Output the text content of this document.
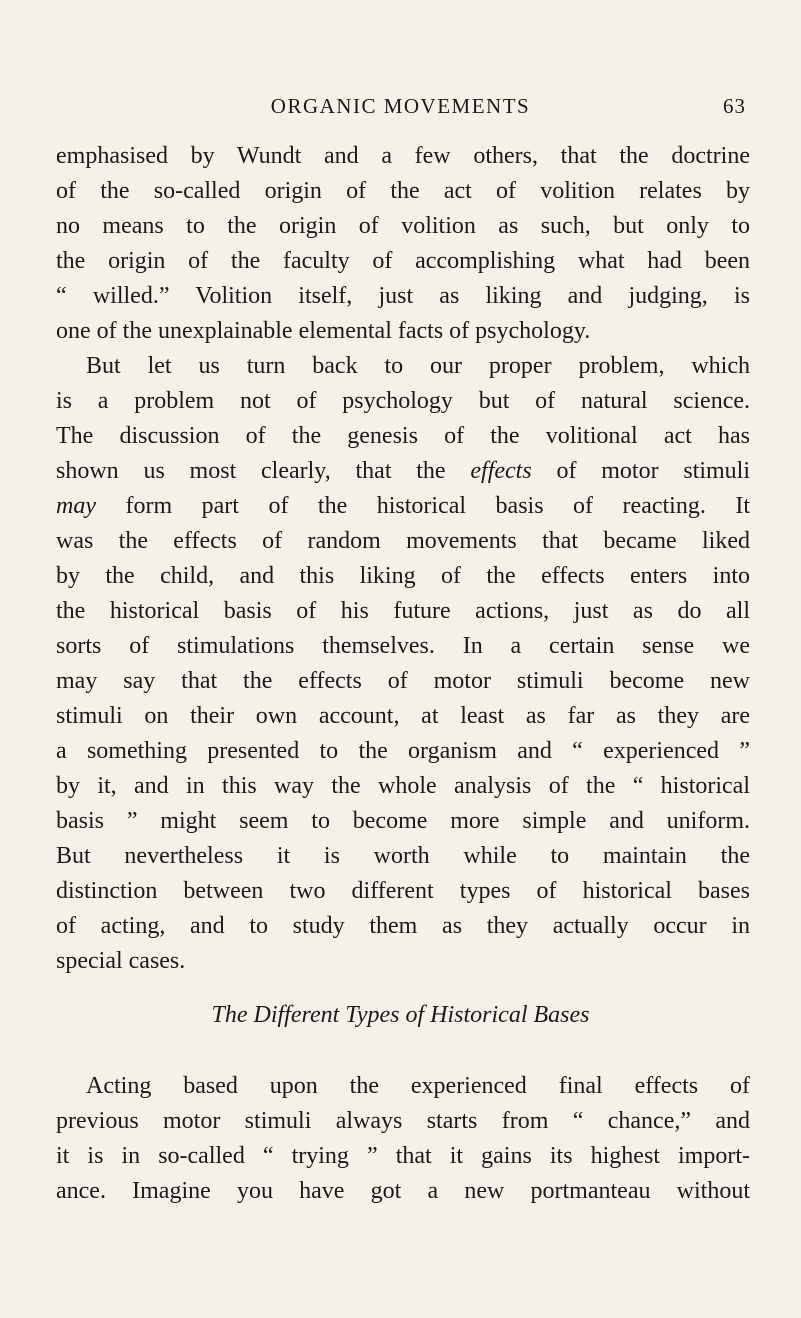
ORGANIC MOVEMENTS	63
emphasised by Wundt and a few others, that the doctrine
of the so-called origin of the act of volition relates by
no means to the origin of volition as such, but only to
the origin of the faculty of accomplishing what had been
“ willed.” Volition itself, just as liking and judging, is
one of the unexplainable elemental facts of psychology.
But let us turn back to our proper problem, which
is a problem not of psychology but of natural science.
The discussion of the genesis of the volitional act has
shown us most clearly, that the effects of motor stimuli
may form part of the historical basis of reacting. It
was the effects of random movements that became liked
by the child, and this liking of the effects enters into
the historical basis of his future actions, just as do all
sorts of stimulations themselves. In a certain sense we
may say that the effects of motor stimuli become new
stimuli on their own account, at least as far as they are
a something presented to the organism and “ experienced ”
by it, and in this way the whole analysis of the “ historical
basis ” might seem to become more simple and uniform.
But nevertheless it is worth while to maintain the
distinction between two different types of historical bases
of acting, and to study them as they actually occur in
special cases.
The Different Types of Historical Bases
Acting based upon the experienced final effects of
previous motor stimuli always starts from “ chance,” and
it is in so-called “ trying ” that it gains its highest import-
ance. Imagine you have got a new portmanteau without
